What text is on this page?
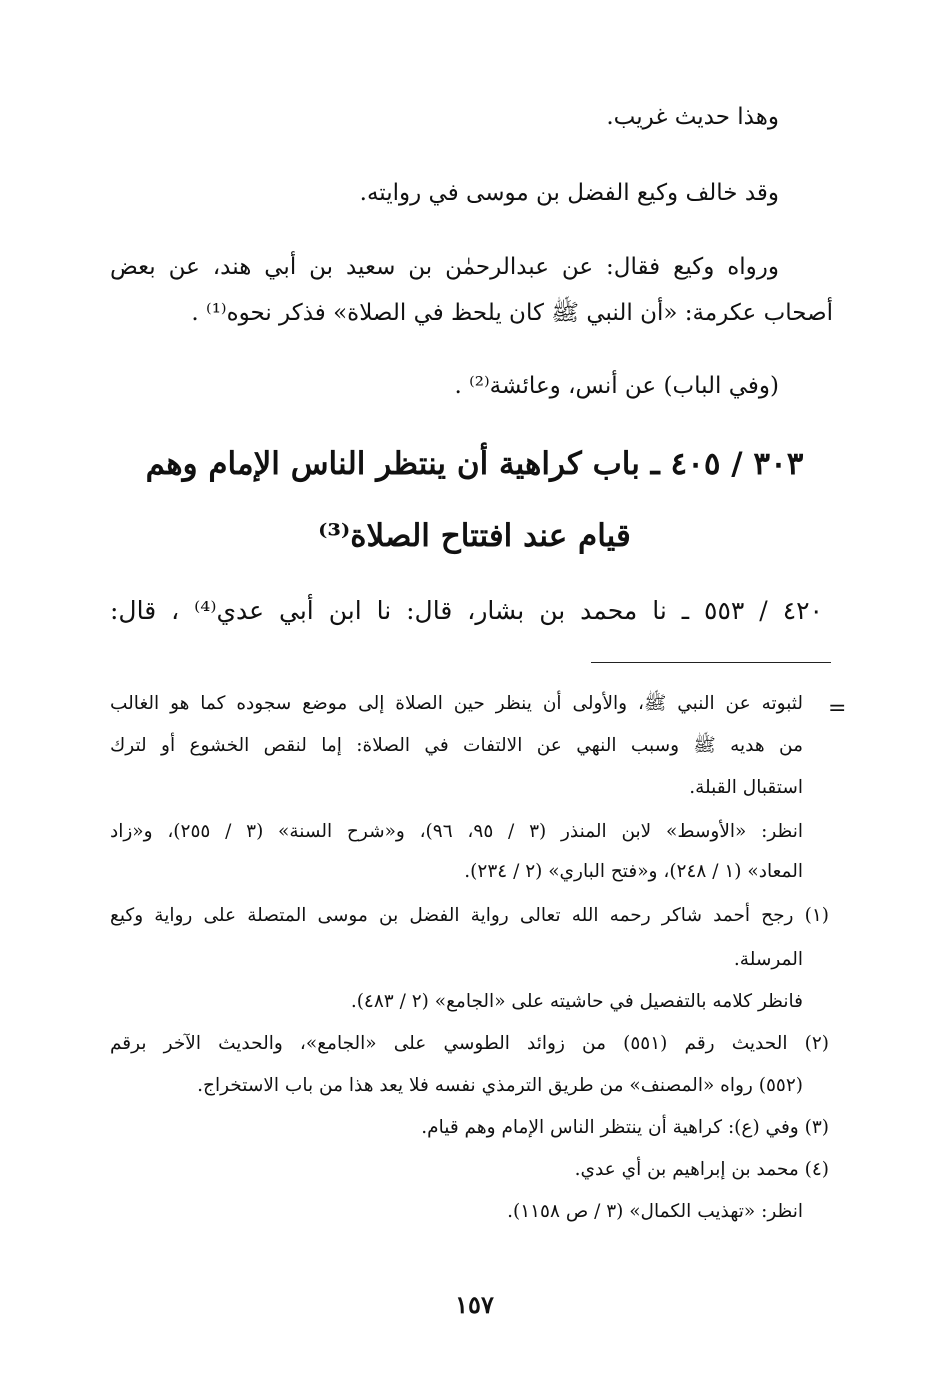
وهذا حديث غريب.

وقد خالف وكيع الفضل بن موسى في روايته.

ورواه وكيع فقال: عن عبدالرحمٰن بن سعيد بن أبي هند، عن بعض

أصحاب عكرمة: «أن النبي ﷺ كان يلحظ في الصلاة» فذكر نحوه⁽¹⁾ .

(وفي الباب) عن أنس، وعائشة⁽²⁾ .

٣٠٣ / ٤٠٥ ـ باب كراهية أن ينتظر الناس الإمام وهم
قيام عند افتتاح الصلاة⁽³⁾

٤٢٠ / ٥٥٣ ـ نا محمد بن بشار، قال: نا ابن أبي عدي⁽⁴⁾ ، قال:

=

لثبوته عن النبي ﷺ، والأولى أن ينظر حين الصلاة إلى موضع سجوده كما هو الغالب

من هديه ﷺ وسبب النهي عن الالتفات في الصلاة: إما لنقص الخشوع أو لترك

استقبال القبلة.

انظر: «الأوسط» لابن المنذر (٣ / ٩٥، ٩٦)، و«شرح السنة» (٣ / ٢٥٥)، و«زاد

المعاد» (١ / ٢٤٨)، و«فتح الباري» (٢ / ٢٣٤).

(١) رجح أحمد شاكر رحمه الله تعالى رواية الفضل بن موسى المتصلة على رواية وكيع

المرسلة.

فانظر كلامه بالتفصيل في حاشيته على «الجامع» (٢ / ٤٨٣).

(٢) الحديث رقم (٥٥١) من زوائد الطوسي على «الجامع»، والحديث الآخر برقم

(٥٥٢) رواه «المصنف» من طريق الترمذي نفسه فلا يعد هذا من باب الاستخراج.

(٣) وفي (ع): كراهية أن ينتظر الناس الإمام وهم قيام.

(٤) محمد بن إبراهيم بن أي عدي.

انظر: «تهذيب الكمال» (٣ / ص ١١٥٨).

١٥٧
